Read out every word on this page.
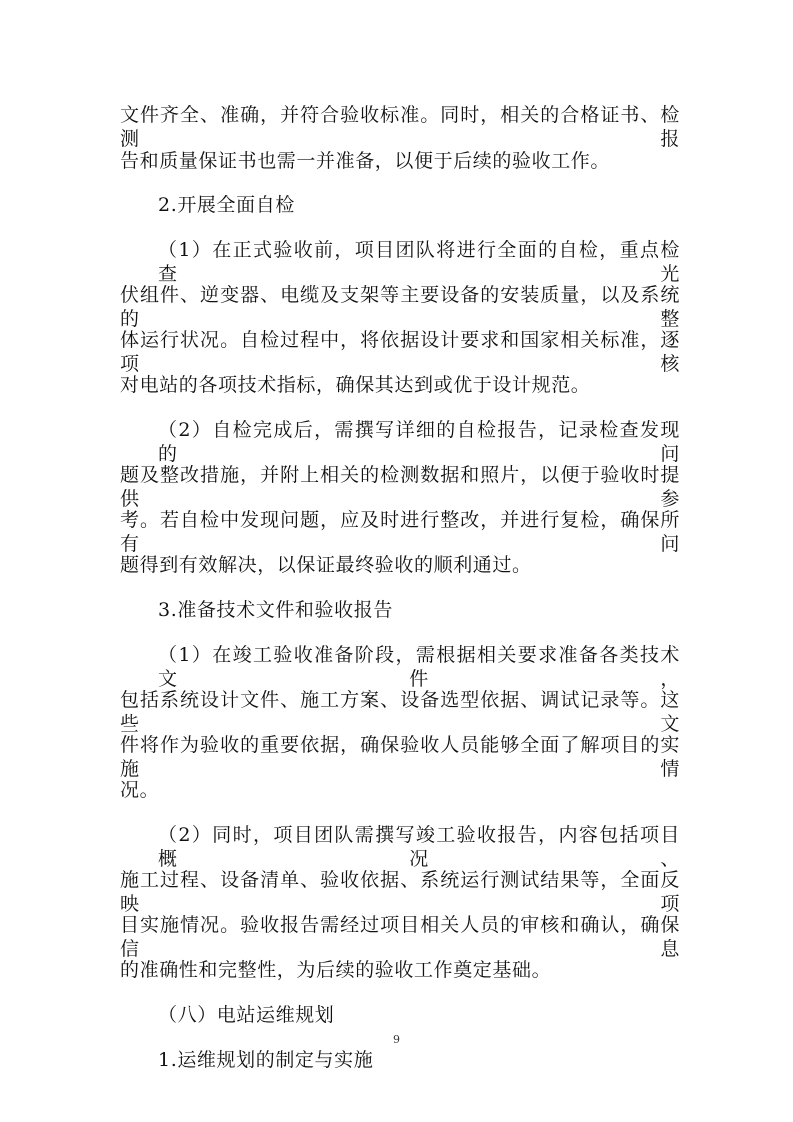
文件齐全、准确，并符合验收标准。同时，相关的合格证书、检测报
告和质量保证书也需一并准备，以便于后续的验收工作。
2.开展全面自检
（1）在正式验收前，项目团队将进行全面的自检，重点检查光
伏组件、逆变器、电缆及支架等主要设备的安装质量，以及系统的整
体运行状况。自检过程中，将依据设计要求和国家相关标准，逐项核
对电站的各项技术指标，确保其达到或优于设计规范。
（2）自检完成后，需撰写详细的自检报告，记录检查发现的问
题及整改措施，并附上相关的检测数据和照片，以便于验收时提供参
考。若自检中发现问题，应及时进行整改，并进行复检，确保所有问
题得到有效解决，以保证最终验收的顺利通过。
3.准备技术文件和验收报告
（1）在竣工验收准备阶段，需根据相关要求准备各类技术文件，
包括系统设计文件、施工方案、设备选型依据、调试记录等。这些文
件将作为验收的重要依据，确保验收人员能够全面了解项目的实施情
况。
（2）同时，项目团队需撰写竣工验收报告，内容包括项目概况、
施工过程、设备清单、验收依据、系统运行测试结果等，全面反映项
目实施情况。验收报告需经过项目相关人员的审核和确认，确保信息
的准确性和完整性，为后续的验收工作奠定基础。
（八）电站运维规划
1.运维规划的制定与实施
9
